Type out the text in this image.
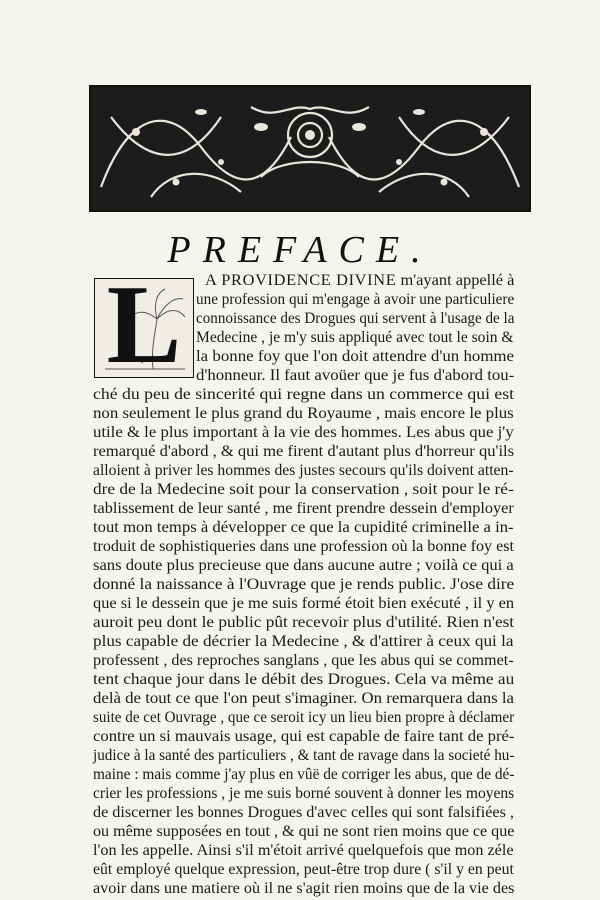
PREFACE.
L	A PROVIDENCE DIVINE m'ayant appellé à
une profession qui m'engage à avoir une particuliere
connoissance des Drogues qui servent à l'usage de la
Medecine , je m'y suis appliqué avec tout le soin &
la bonne foy que l'on doit attendre d'un homme
d'honneur. Il faut avoüer que je fus d'abord tou-
ché du peu de sincerité qui regne dans un commerce qui est
non seulement le plus grand du Royaume , mais encore le plus
utile & le plus important à la vie des hommes. Les abus que j'y
remarqué d'abord , & qui me firent d'autant plus d'horreur qu'ils
alloient à priver les hommes des justes secours qu'ils doivent atten-
dre de la Medecine soit pour la conservation , soit pour le ré-
tablissement de leur santé , me firent prendre dessein d'employer
tout mon temps à développer ce que la cupidité criminelle a in-
troduit de sophistiqueries dans une profession où la bonne foy est
sans doute plus precieuse que dans aucune autre ; voilà ce qui a
donné la naissance à l'Ouvrage que je rends public. J'ose dire
que si le dessein que je me suis formé étoit bien exécuté , il y en
auroit peu dont le public pût recevoir plus d'utilité. Rien n'est
plus capable de décrier la Medecine , & d'attirer à ceux qui la
professent , des reproches sanglans , que les abus qui se commet-
tent chaque jour dans le débit des Drogues. Cela va même au
delà de tout ce que l'on peut s'imaginer. On remarquera dans la
suite de cet Ouvrage , que ce seroit icy un lieu bien propre à déclamer
contre un si mauvais usage, qui est capable de faire tant de pré-
judice à la santé des particuliers , & tant de ravage dans la societé hu-
maine : mais comme j'ay plus en vûë de corriger les abus, que de dé-
crier les professions , je me suis borné souvent à donner les moyens
de discerner les bonnes Drogues d'avec celles qui sont falsifiées ,
ou même supposées en tout , & qui ne sont rien moins que ce que
l'on les appelle. Ainsi s'il m'étoit arrivé quelquefois que mon zéle
eût employé quelque expression, peut-être trop dure ( s'il y en peut
avoir dans une matiere où il ne s'agit rien moins que de la vie des
